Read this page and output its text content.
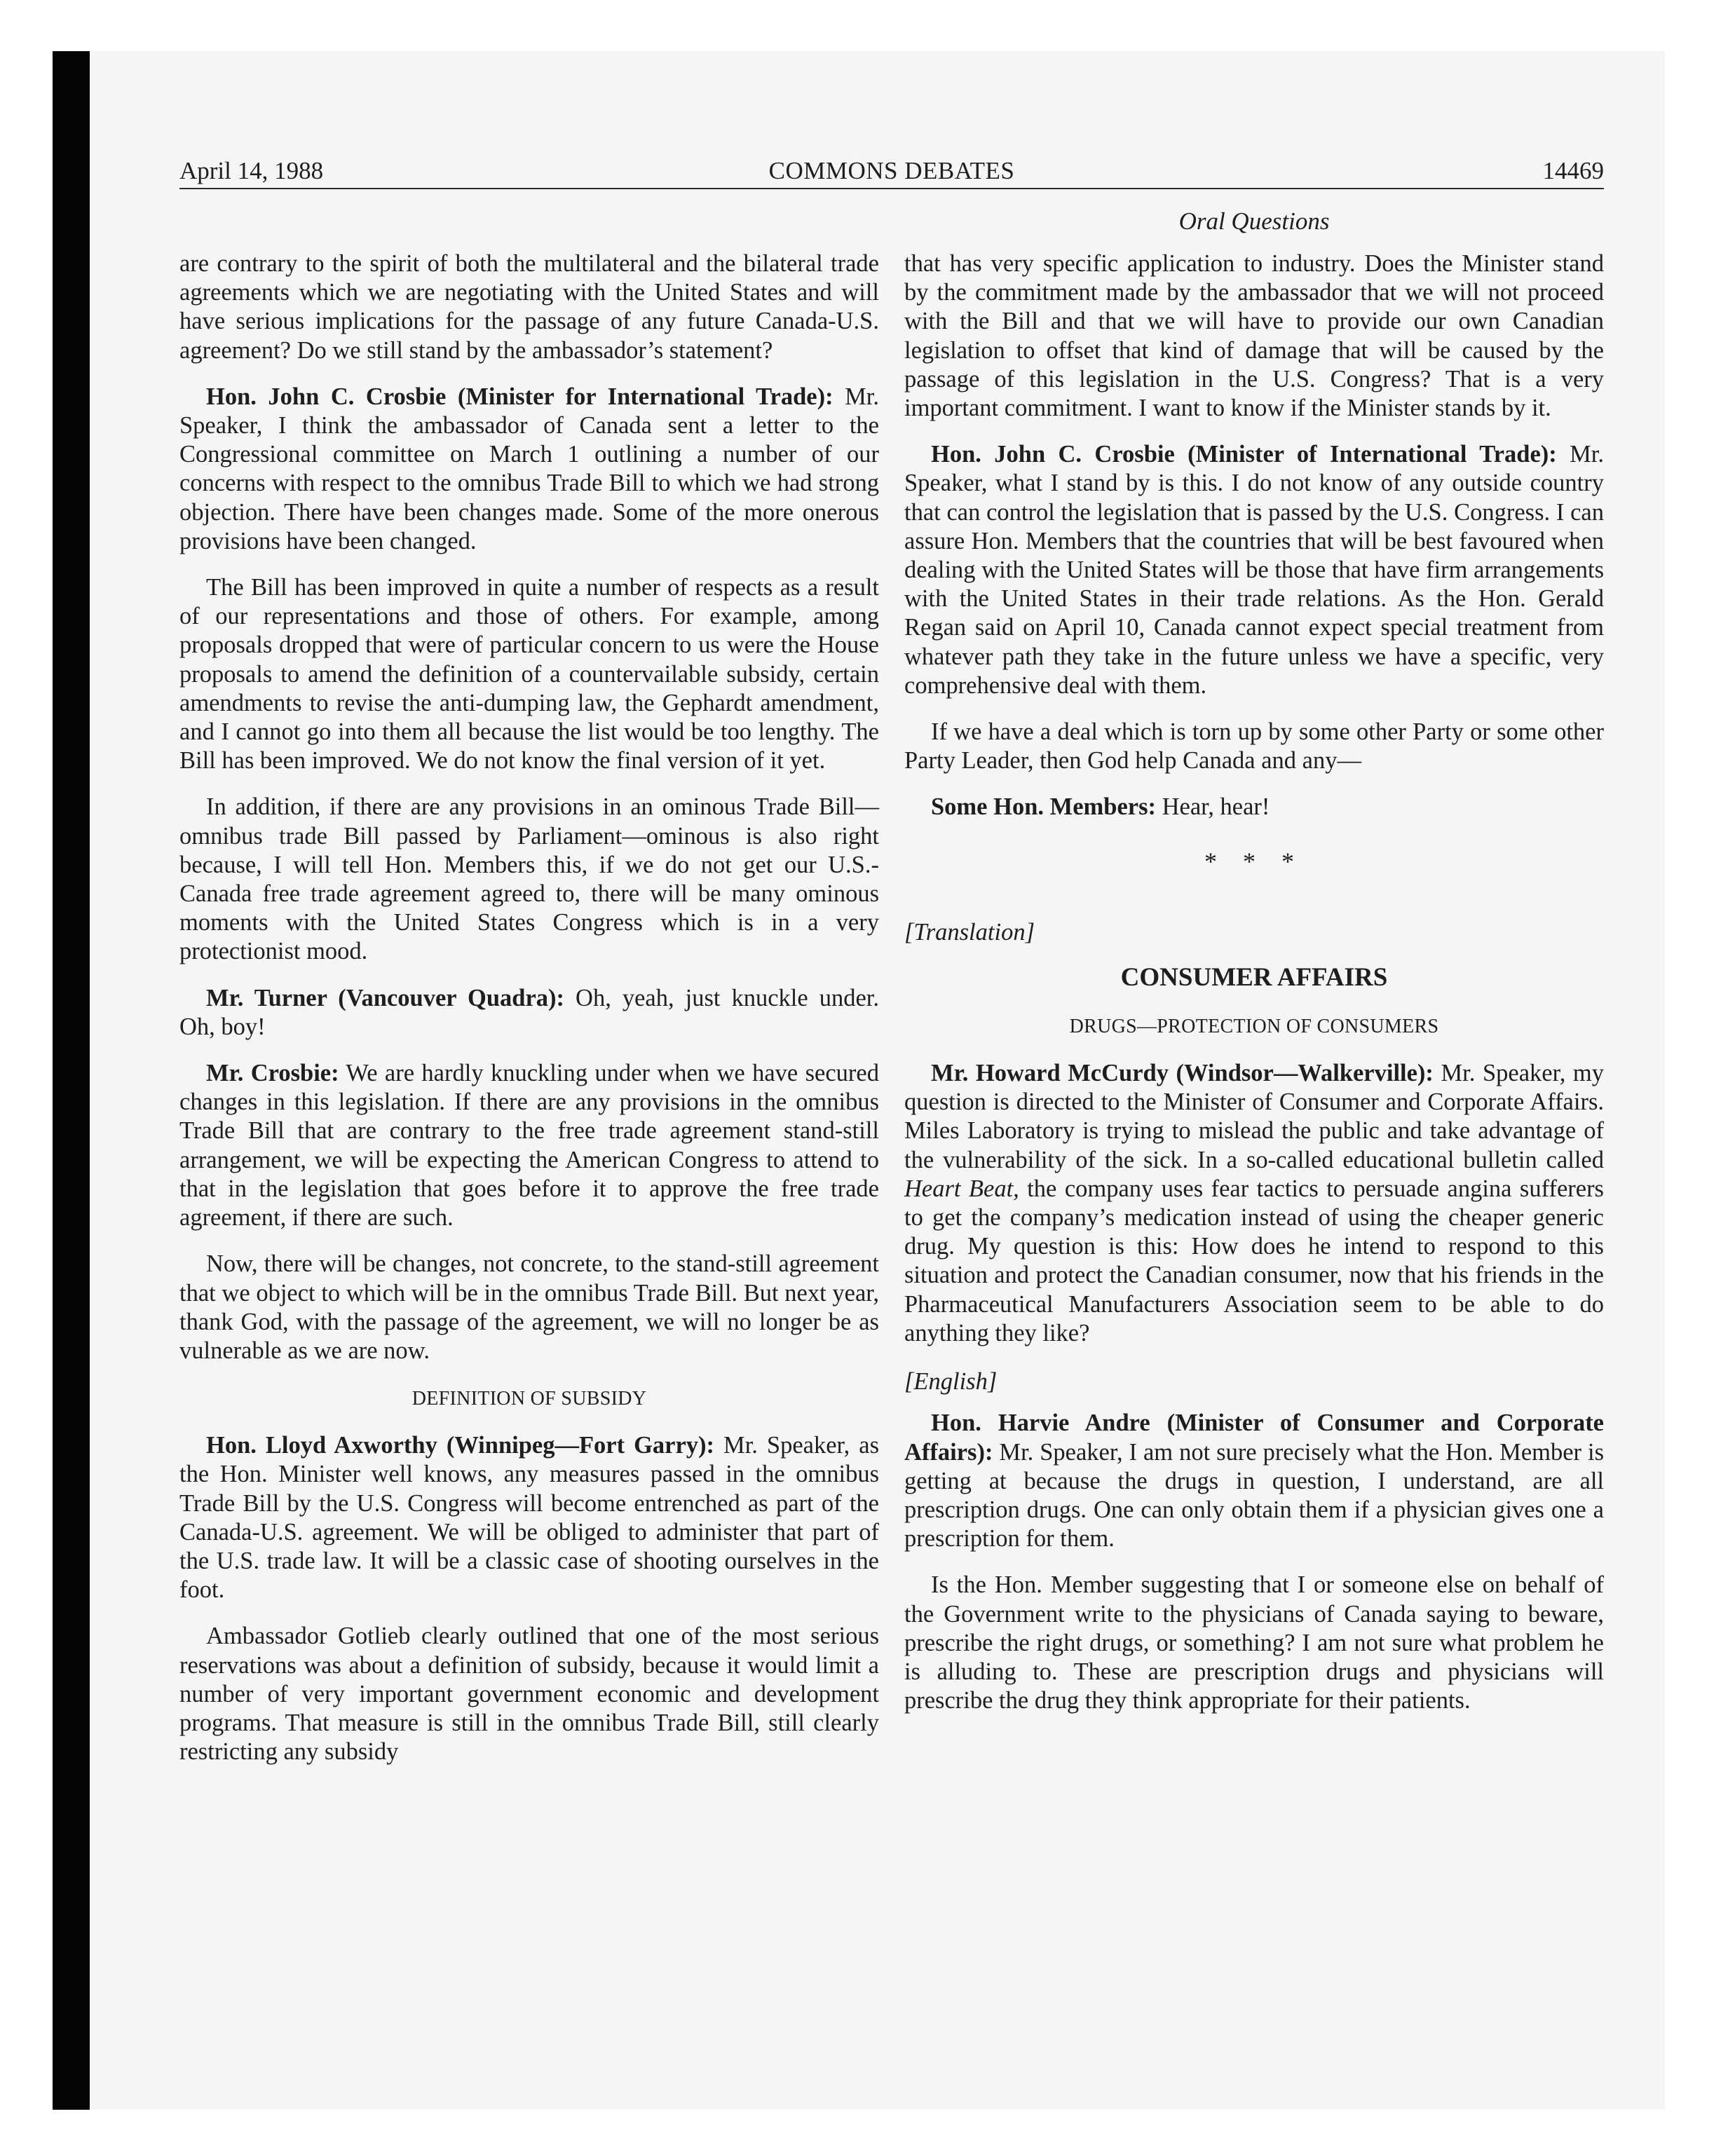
April 14, 1988	COMMONS DEBATES	14469
Oral Questions

are contrary to the spirit of both the multilateral and the bilateral trade agreements which we are negotiating with the United States and will have serious implications for the passage of any future Canada-U.S. agreement? Do we still stand by the ambassador’s statement?

Hon. John C. Crosbie (Minister for International Trade): Mr. Speaker, I think the ambassador of Canada sent a letter to the Congressional committee on March 1 outlining a number of our concerns with respect to the omnibus Trade Bill to which we had strong objection. There have been changes made. Some of the more onerous provisions have been changed.

The Bill has been improved in quite a number of respects as a result of our representations and those of others. For example, among proposals dropped that were of particular concern to us were the House proposals to amend the definition of a countervailable subsidy, certain amendments to revise the anti-dumping law, the Gephardt amendment, and I cannot go into them all because the list would be too lengthy. The Bill has been improved. We do not know the final version of it yet.

In addition, if there are any provisions in an ominous Trade Bill—omnibus trade Bill passed by Parliament—ominous is also right because, I will tell Hon. Members this, if we do not get our U.S.-Canada free trade agreement agreed to, there will be many ominous moments with the United States Congress which is in a very protectionist mood.

Mr. Turner (Vancouver Quadra): Oh, yeah, just knuckle under. Oh, boy!

Mr. Crosbie: We are hardly knuckling under when we have secured changes in this legislation. If there are any provisions in the omnibus Trade Bill that are contrary to the free trade agreement stand-still arrangement, we will be expecting the American Congress to attend to that in the legislation that goes before it to approve the free trade agreement, if there are such.

Now, there will be changes, not concrete, to the stand-still agreement that we object to which will be in the omnibus Trade Bill. But next year, thank God, with the passage of the agreement, we will no longer be as vulnerable as we are now.

DEFINITION OF SUBSIDY

Hon. Lloyd Axworthy (Winnipeg—Fort Garry): Mr. Speaker, as the Hon. Minister well knows, any measures passed in the omnibus Trade Bill by the U.S. Congress will become entrenched as part of the Canada-U.S. agreement. We will be obliged to administer that part of the U.S. trade law. It will be a classic case of shooting ourselves in the foot.

Ambassador Gotlieb clearly outlined that one of the most serious reservations was about a definition of subsidy, because it would limit a number of very important government economic and development programs. That measure is still in the omnibus Trade Bill, still clearly restricting any subsidy

that has very specific application to industry. Does the Minister stand by the commitment made by the ambassador that we will not proceed with the Bill and that we will have to provide our own Canadian legislation to offset that kind of damage that will be caused by the passage of this legislation in the U.S. Congress? That is a very important commitment. I want to know if the Minister stands by it.

Hon. John C. Crosbie (Minister of International Trade): Mr. Speaker, what I stand by is this. I do not know of any outside country that can control the legislation that is passed by the U.S. Congress. I can assure Hon. Members that the countries that will be best favoured when dealing with the United States will be those that have firm arrangements with the United States in their trade relations. As the Hon. Gerald Regan said on April 10, Canada cannot expect special treatment from whatever path they take in the future unless we have a specific, very comprehensive deal with them.

If we have a deal which is torn up by some other Party or some other Party Leader, then God help Canada and any—

Some Hon. Members: Hear, hear!

* * *
[Translation]
CONSUMER AFFAIRS
DRUGS—PROTECTION OF CONSUMERS

Mr. Howard McCurdy (Windsor—Walkerville): Mr. Speaker, my question is directed to the Minister of Consumer and Corporate Affairs. Miles Laboratory is trying to mislead the public and take advantage of the vulnerability of the sick. In a so-called educational bulletin called Heart Beat, the company uses fear tactics to persuade angina sufferers to get the company’s medication instead of using the cheaper generic drug. My question is this: How does he intend to respond to this situation and protect the Canadian consumer, now that his friends in the Pharmaceutical Manufacturers Association seem to be able to do anything they like?

[English]

Hon. Harvie Andre (Minister of Consumer and Corporate Affairs): Mr. Speaker, I am not sure precisely what the Hon. Member is getting at because the drugs in question, I understand, are all prescription drugs. One can only obtain them if a physician gives one a prescription for them.

Is the Hon. Member suggesting that I or someone else on behalf of the Government write to the physicians of Canada saying to beware, prescribe the right drugs, or something? I am not sure what problem he is alluding to. These are prescription drugs and physicians will prescribe the drug they think appropriate for their patients.
